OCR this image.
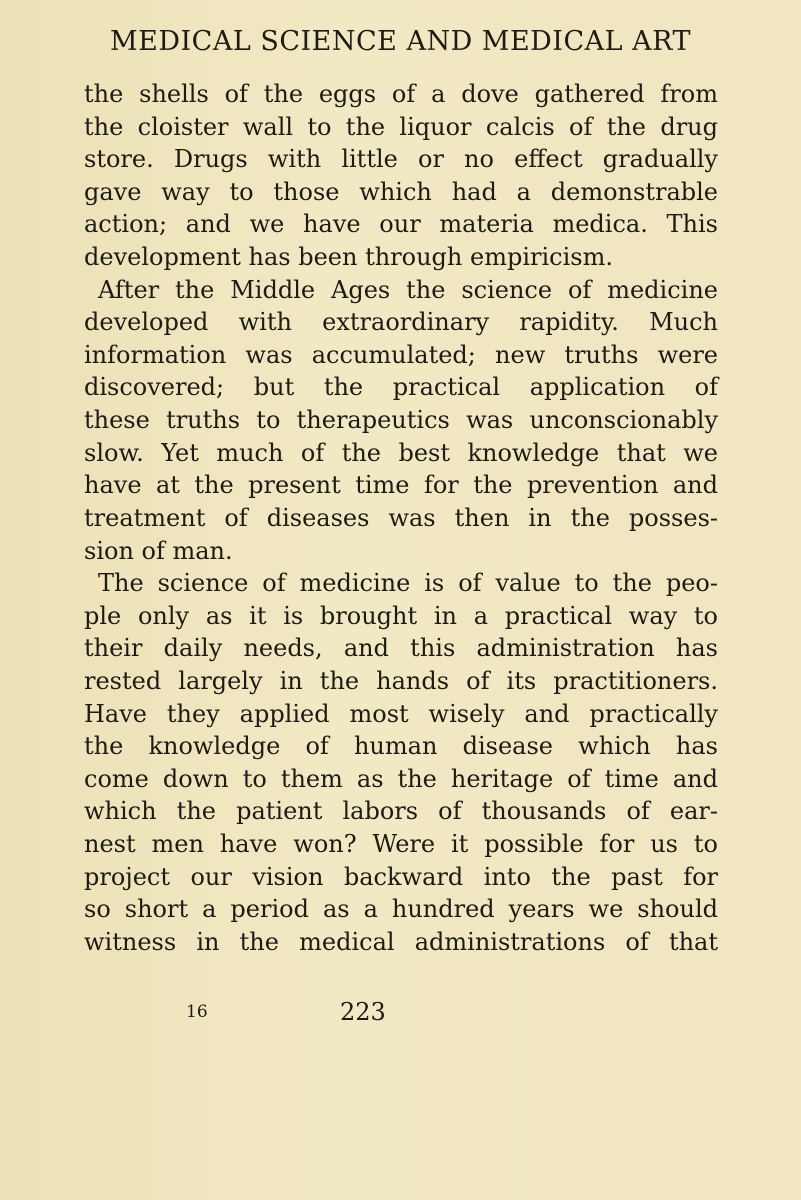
MEDICAL SCIENCE AND MEDICAL ART
the shells of the eggs of a dove gathered from
the cloister wall to the liquor calcis of the drug
store. Drugs with little or no effect gradually
gave way to those which had a demonstrable
action; and we have our materia medica. This
development has been through empiricism.
After the Middle Ages the science of medicine
developed with extraordinary rapidity. Much
information was accumulated; new truths were
discovered; but the practical application of
these truths to therapeutics was unconscionably
slow. Yet much of the best knowledge that we
have at the present time for the prevention and
treatment of diseases was then in the posses-
sion of man.
The science of medicine is of value to the peo-
ple only as it is brought in a practical way to
their daily needs, and this administration has
rested largely in the hands of its practitioners.
Have they applied most wisely and practically
the knowledge of human disease which has
come down to them as the heritage of time and
which the patient labors of thousands of ear-
nest men have won? Were it possible for us to
project our vision backward into the past for
so short a period as a hundred years we should
witness in the medical administrations of that
16	223
